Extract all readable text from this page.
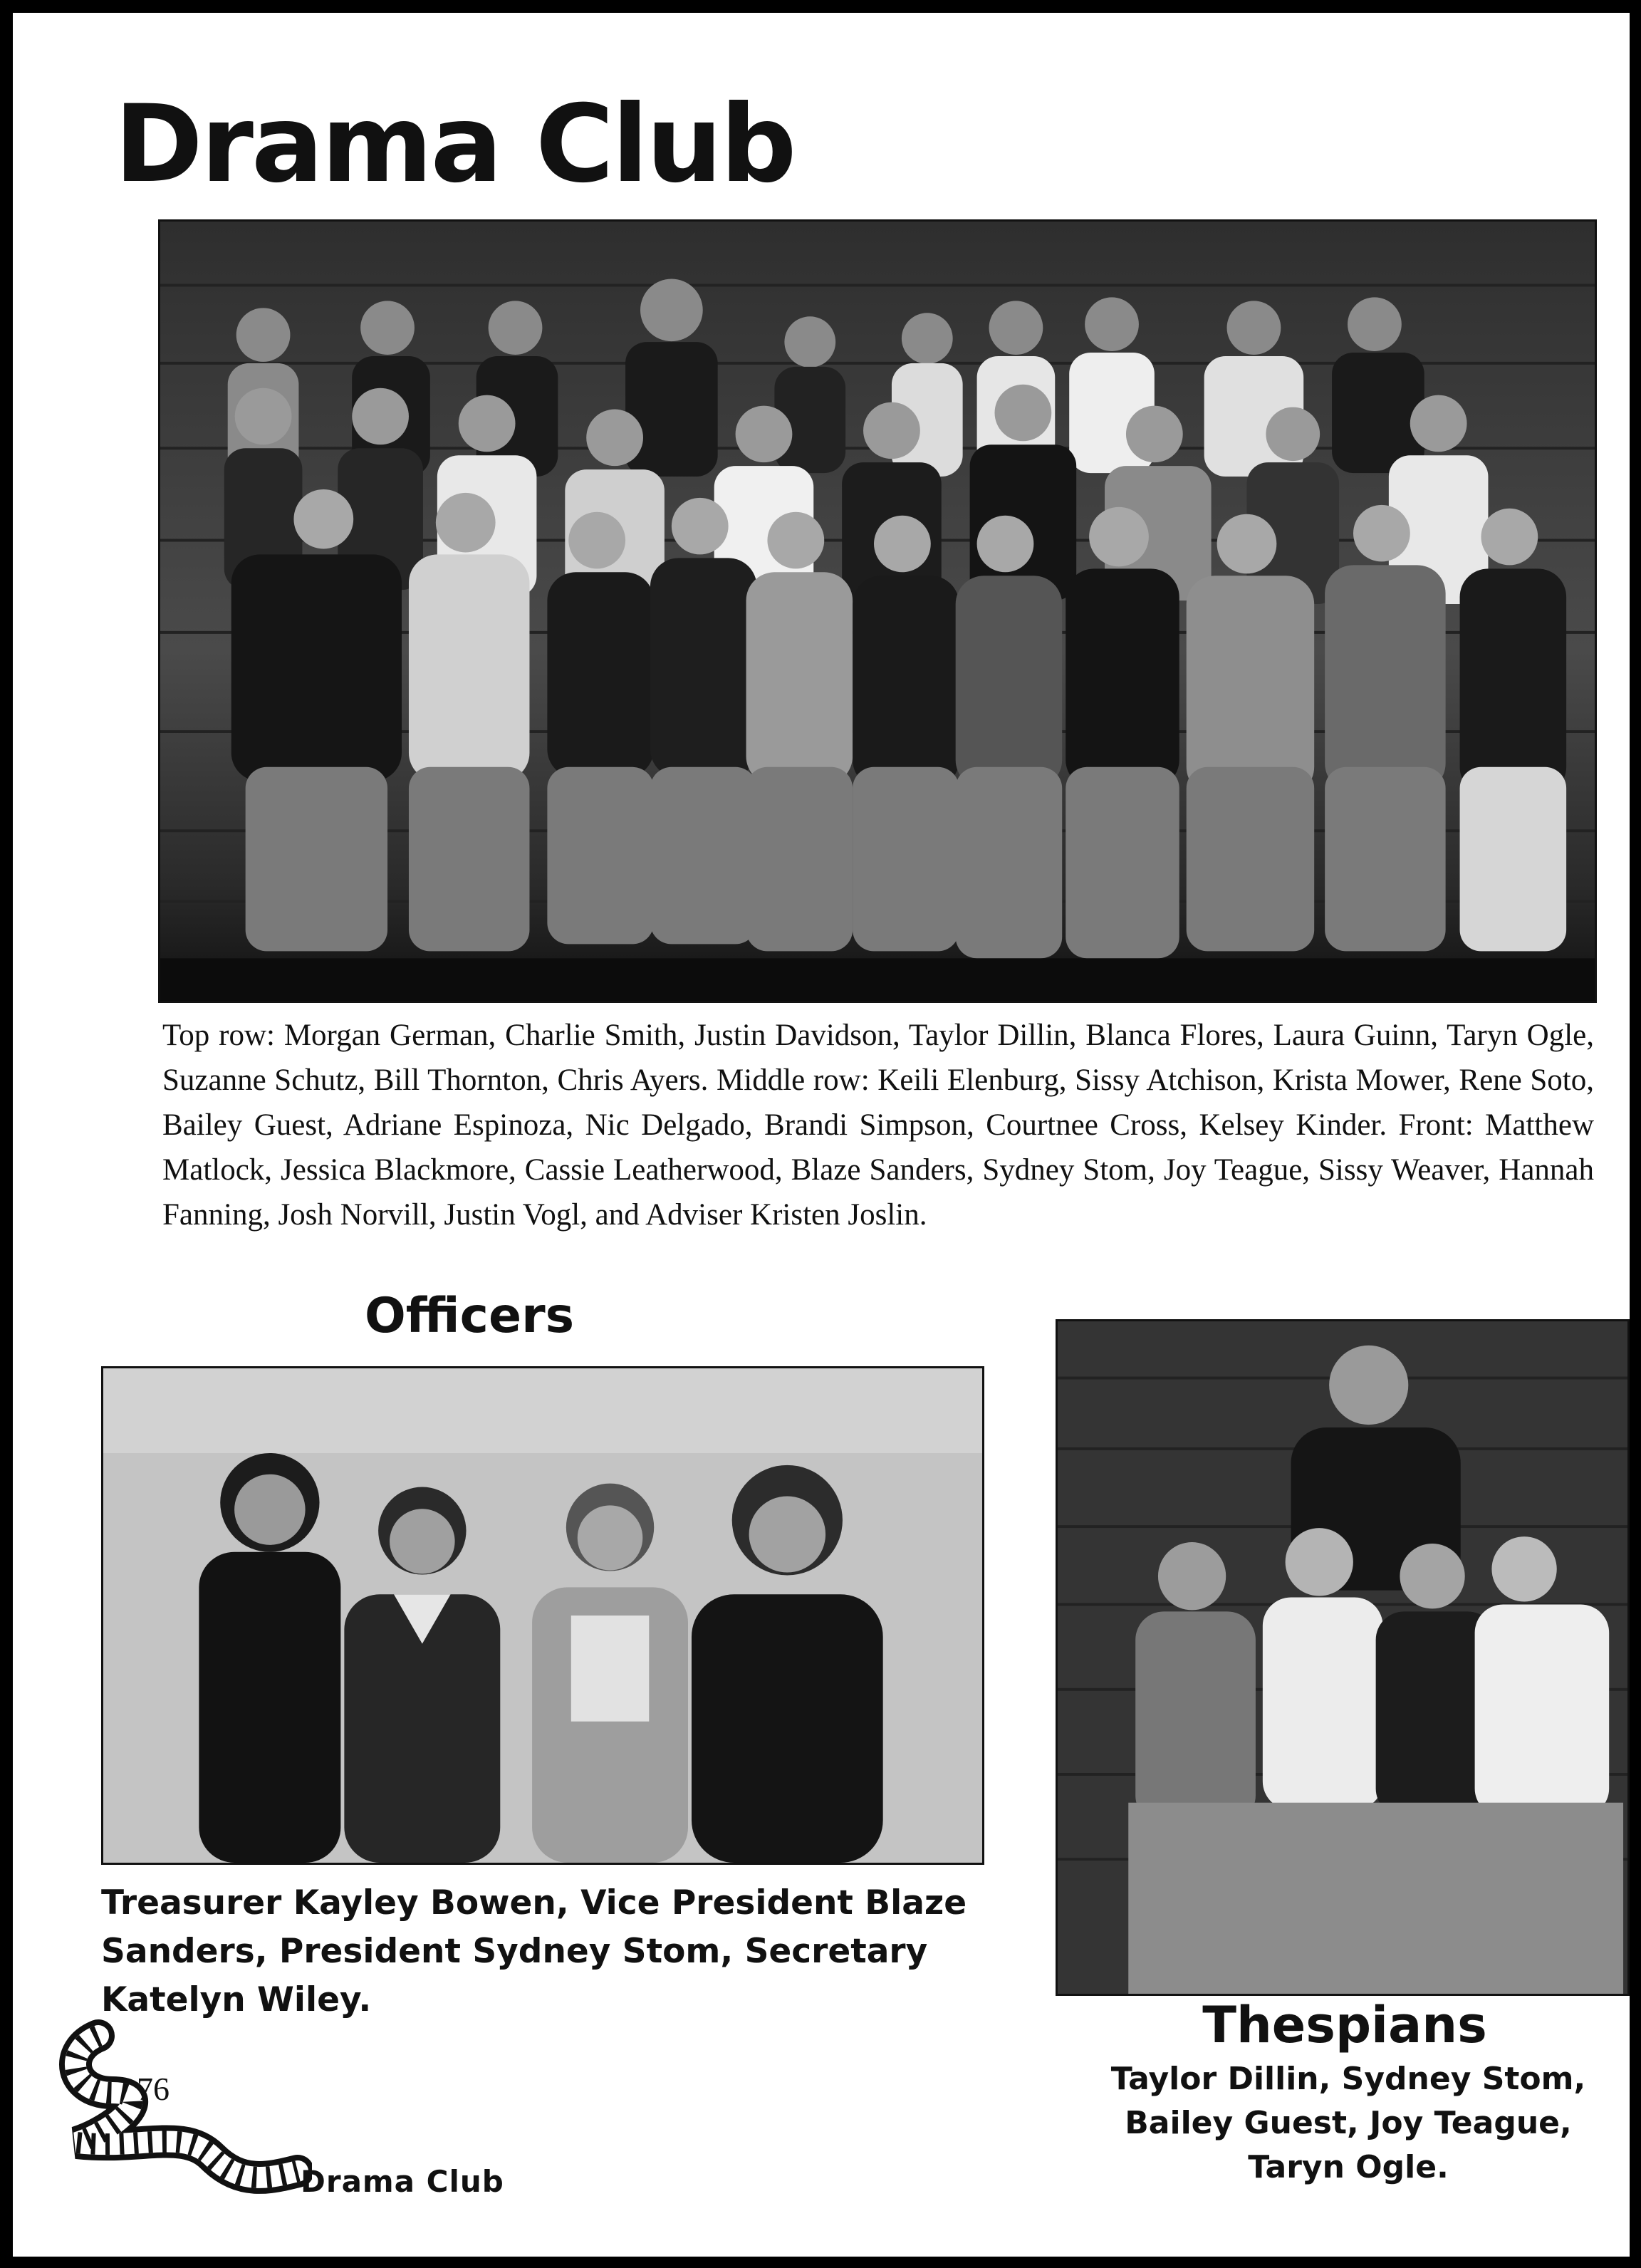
Drama Club

Top row: Morgan German, Charlie Smith, Justin Davidson, Taylor Dillin, Blanca Flores, Laura Guinn, Taryn Ogle, Suzanne Schutz, Bill Thornton, Chris Ayers. Middle row: Keili Elenburg, Sissy Atchison, Krista Mower, Rene Soto, Bailey Guest, Adriane Espinoza, Nic Delgado, Brandi Simpson, Courtnee Cross, Kelsey Kinder. Front: Matthew Matlock, Jessica Blackmore, Cassie Leatherwood, Blaze Sanders, Sydney Stom, Joy Teague, Sissy Weaver, Hannah Fanning, Josh Norvill, Justin Vogl, and Adviser Kristen Joslin.

Officers

Treasurer Kayley Bowen, Vice President Blaze Sanders, President Sydney Stom, Secretary Katelyn Wiley.	Thespians

Taylor Dillin, Sydney Stom,
Bailey Guest, Joy Teague,
Taryn Ogle.

76
Drama Club
